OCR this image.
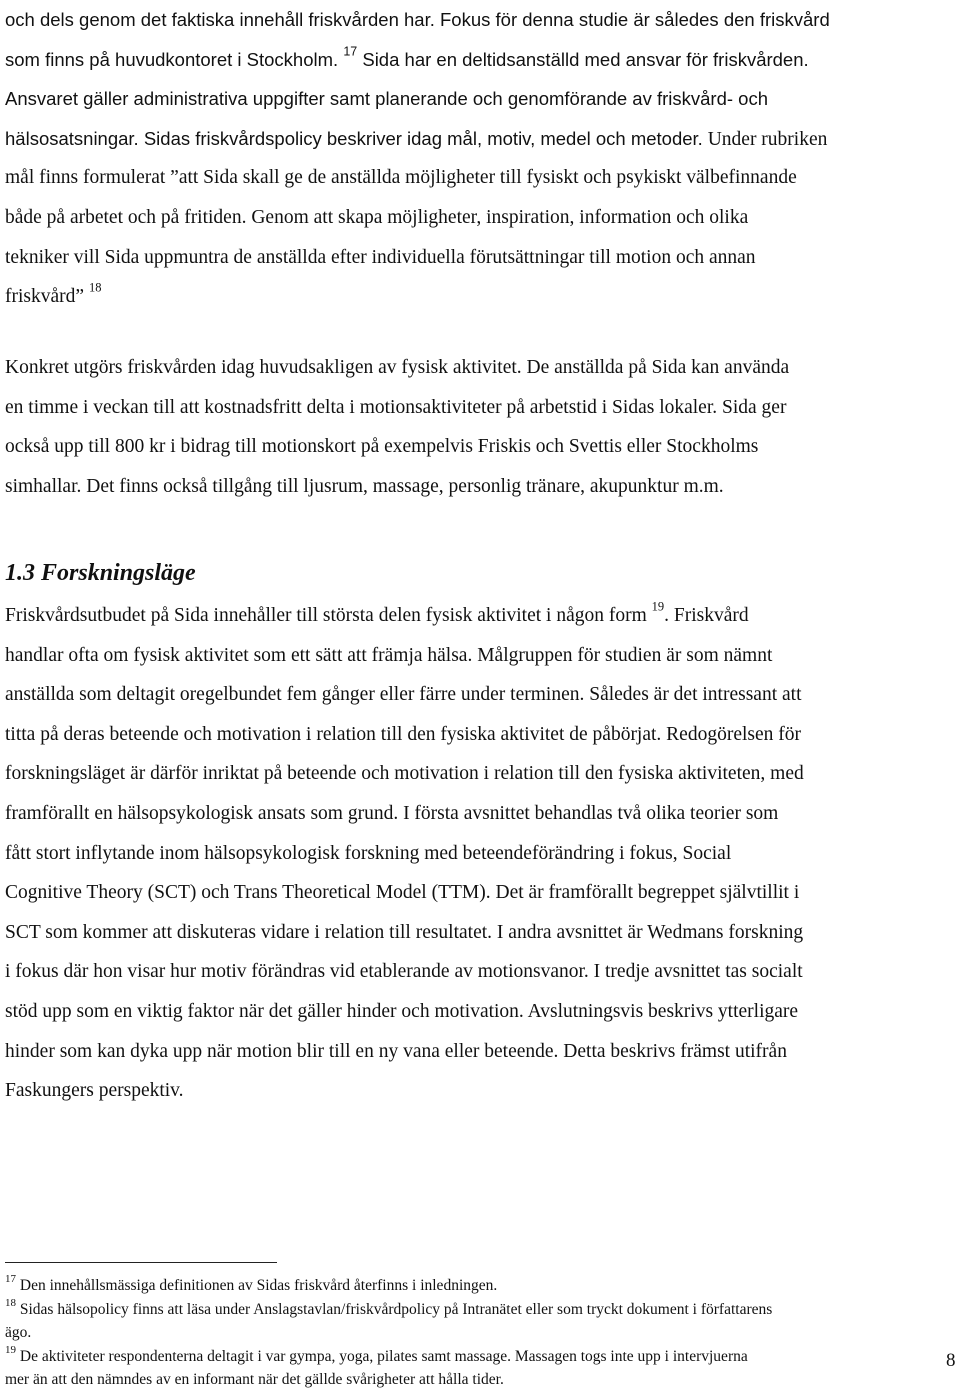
och dels genom det faktiska innehåll friskvården har. Fokus för denna studie är således den friskvård
som finns på huvudkontoret i Stockholm. $^{17}$ Sida har en deltidsanställd med ansvar för friskvården.
Ansvaret gäller administrativa uppgifter samt planerande och genomförande av friskvård- och
hälsosatsningar. Sidas friskvårdspolicy beskriver idag mål, motiv, medel och metoder. Under rubriken
mål finns formulerat ”att Sida skall ge de anställda möjligheter till fysiskt och psykiskt välbefinnande
både på arbetet och på fritiden. Genom att skapa möjligheter, inspiration, information och olika
tekniker vill Sida uppmuntra de anställda efter individuella förutsättningar till motion och annan
friskvård” $^{18}$
Konkret utgörs friskvården idag huvudsakligen av fysisk aktivitet. De anställda på Sida kan använda
en timme i veckan till att kostnadsfritt delta i motionsaktiviteter på arbetstid i Sidas lokaler. Sida ger
också upp till 800 kr i bidrag till motionskort på exempelvis Friskis och Svettis eller Stockholms
simhallar. Det finns också tillgång till ljusrum, massage, personlig tränare, akupunktur m.m.
1.3 Forskningsläge
Friskvårdsutbudet på Sida innehåller till största delen fysisk aktivitet i någon form $^{19}$. Friskvård
handlar ofta om fysisk aktivitet som ett sätt att främja hälsa. Målgruppen för studien är som nämnt
anställda som deltagit oregelbundet fem gånger eller färre under terminen. Således är det intressant att
titta på deras beteende och motivation i relation till den fysiska aktivitet de påbörjat. Redogörelsen för
forskningsläget är därför inriktat på beteende och motivation i relation till den fysiska aktiviteten, med
framförallt en hälsopsykologisk ansats som grund. I första avsnittet behandlas två olika teorier som
fått stort inflytande inom hälsopsykologisk forskning med beteendeförändring i fokus, Social
Cognitive Theory (SCT) och Trans Theoretical Model (TTM). Det är framförallt begreppet självtillit i
SCT som kommer att diskuteras vidare i relation till resultatet. I andra avsnittet är Wedmans forskning
i fokus där hon visar hur motiv förändras vid etablerande av motionsvanor. I tredje avsnittet tas socialt
stöd upp som en viktig faktor när det gäller hinder och motivation. Avslutningsvis beskrivs ytterligare
hinder som kan dyka upp när motion blir till en ny vana eller beteende. Detta beskrivs främst utifrån
Faskungers perspektiv.
$^{17}$ Den innehållsmässiga definitionen av Sidas friskvård återfinns i inledningen.
$^{18}$ Sidas hälsopolicy finns att läsa under Anslagstavlan/friskvårdpolicy på Intranätet eller som tryckt dokument i författarens
ägo.
$^{19}$ De aktiviteter respondenterna deltagit i var gympa, yoga, pilates samt massage. Massagen togs inte upp i intervjuerna
mer än att den nämndes av en informant när det gällde svårigheter att hålla tider.
8
